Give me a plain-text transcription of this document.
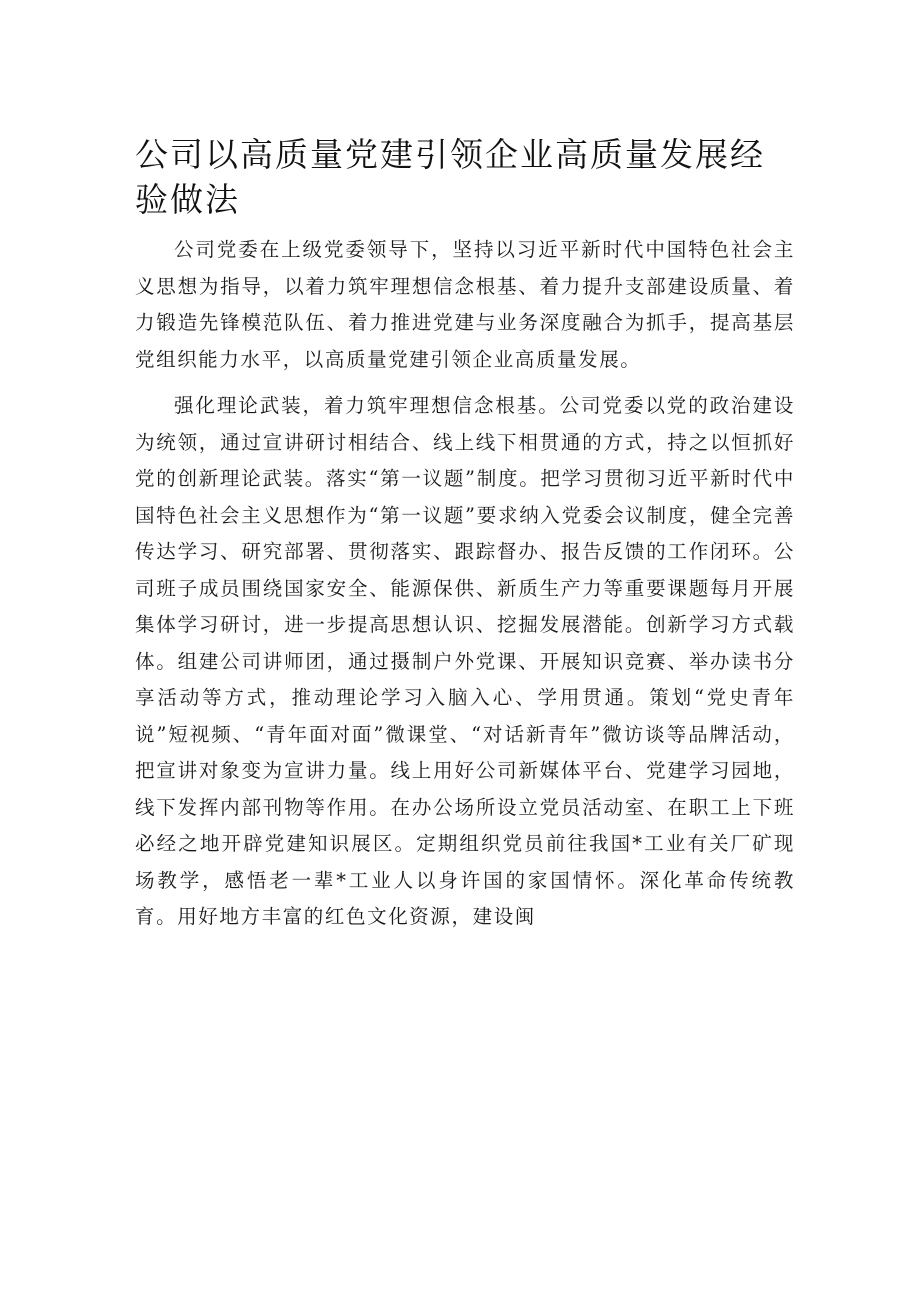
公司以高质量党建引领企业高质量发展经验做法

公司党委在上级党委领导下，坚持以习近平新时代中国特色社会主义思想为指导，以着力筑牢理想信念根基、着力提升支部建设质量、着力锻造先锋模范队伍、着力推进党建与业务深度融合为抓手，提高基层党组织能力水平，以高质量党建引领企业高质量发展。

强化理论武装，着力筑牢理想信念根基。公司党委以党的政治建设为统领，通过宣讲研讨相结合、线上线下相贯通的方式，持之以恒抓好党的创新理论武装。落实“第一议题”制度。把学习贯彻习近平新时代中国特色社会主义思想作为“第一议题”要求纳入党委会议制度，健全完善传达学习、研究部署、贯彻落实、跟踪督办、报告反馈的工作闭环。公司班子成员围绕国家安全、能源保供、新质生产力等重要课题每月开展集体学习研讨，进一步提高思想认识、挖掘发展潜能。创新学习方式载体。组建公司讲师团，通过摄制户外党课、开展知识竞赛、举办读书分享活动等方式，推动理论学习入脑入心、学用贯通。策划“党史青年说”短视频、“青年面对面”微课堂、“对话新青年”微访谈等品牌活动，把宣讲对象变为宣讲力量。线上用好公司新媒体平台、党建学习园地，线下发挥内部刊物等作用。在办公场所设立党员活动室、在职工上下班必经之地开辟党建知识展区。定期组织党员前往我国*工业有关厂矿现场教学，感悟老一辈*工业人以身许国的家国情怀。深化革命传统教育。用好地方丰富的红色文化资源，建设闽
